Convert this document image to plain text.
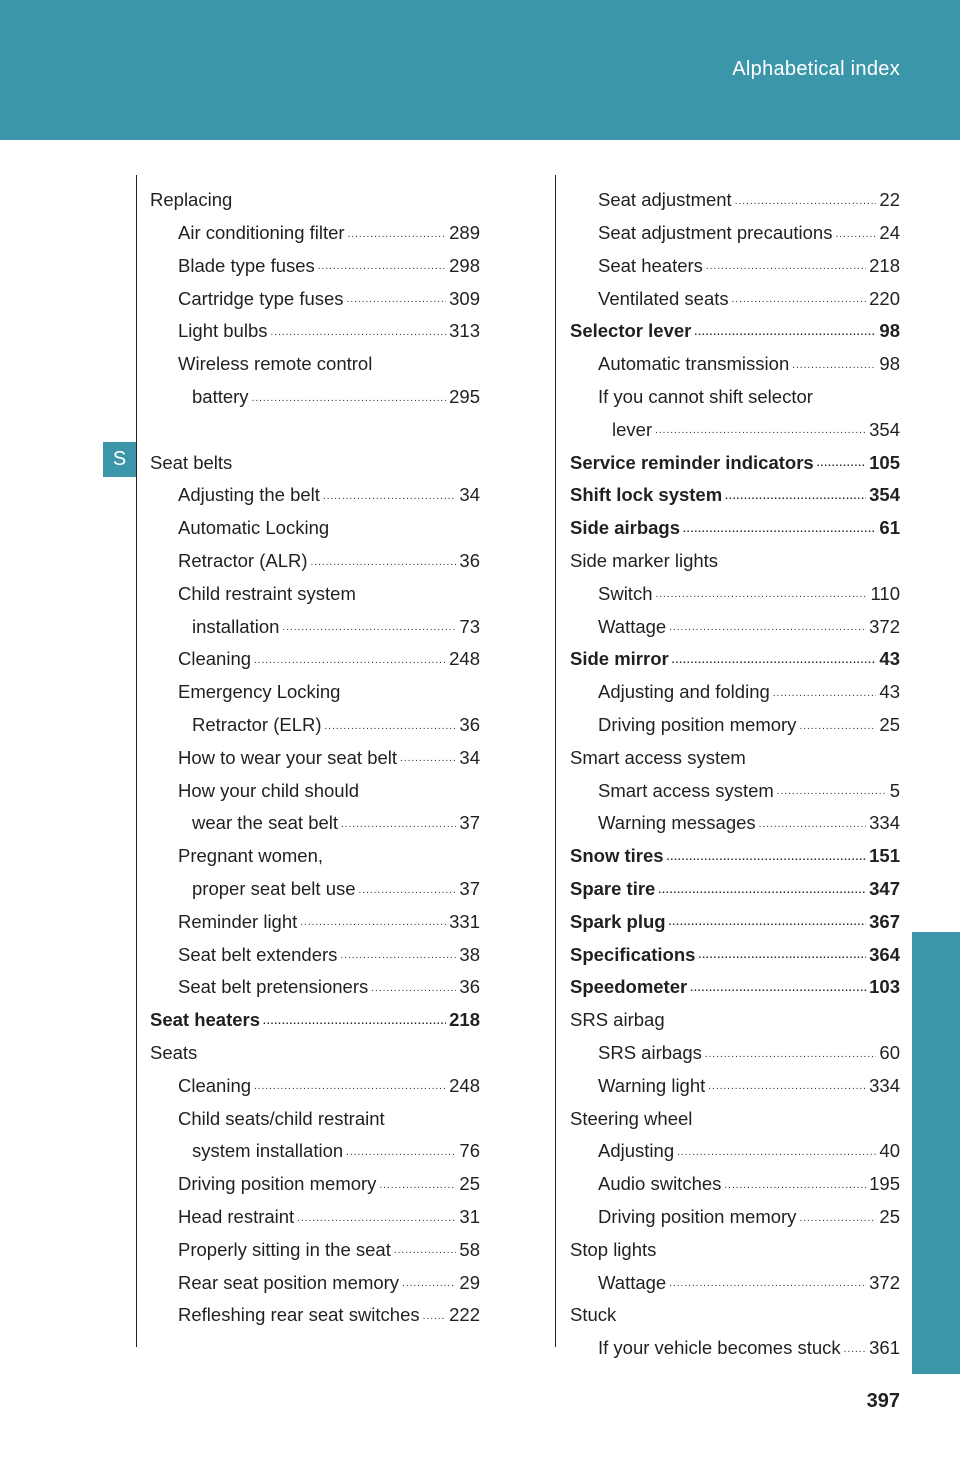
Alphabetical index
S
Replacing
Air conditioning filter .....	289
Blade type fuses .....	298
Cartridge type fuses .....	309
Light bulbs .....	313
Wireless remote control
battery .....	295
Seat belts
Adjusting the belt .....	34
Automatic Locking
Retractor (ALR) .....	36
Child restraint system
installation .....	73
Cleaning .....	248
Emergency Locking
Retractor (ELR) .....	36
How to wear your seat belt .....	34
How your child should
wear the seat belt .....	37
Pregnant women,
proper seat belt use .....	37
Reminder light .....	331
Seat belt extenders .....	38
Seat belt pretensioners .....	36
Seat heaters .....	218
Seats
Cleaning .....	248
Child seats/child restraint
system installation .....	76
Driving position memory .....	25
Head restraint .....	31
Properly sitting in the seat .....	58
Rear seat position memory .....	29
Refleshing rear seat switches ..... 222
Seat adjustment .....	22
Seat adjustment precautions .....	24
Seat heaters .....	218
Ventilated seats .....	220
Selector lever .....	98
Automatic transmission .....	98
If you cannot shift selector
lever .....	354
Service reminder indicators .....	105
Shift lock system .....	354
Side airbags .....	61
Side marker lights
Switch .....	110
Wattage .....	372
Side mirror .....	43
Adjusting and folding .....	43
Driving position memory .....	25
Smart access system
Smart access system .....	5
Warning messages .....	334
Snow tires .....	151
Spare tire .....	347
Spark plug .....	367
Specifications .....	364
Speedometer .....	103
SRS airbag
SRS airbags .....	60
Warning light .....	334
Steering wheel
Adjusting .....	40
Audio switches .....	195
Driving position memory .....	25
Stop lights
Wattage .....	372
Stuck
If your vehicle becomes stuck ..... 361
397
